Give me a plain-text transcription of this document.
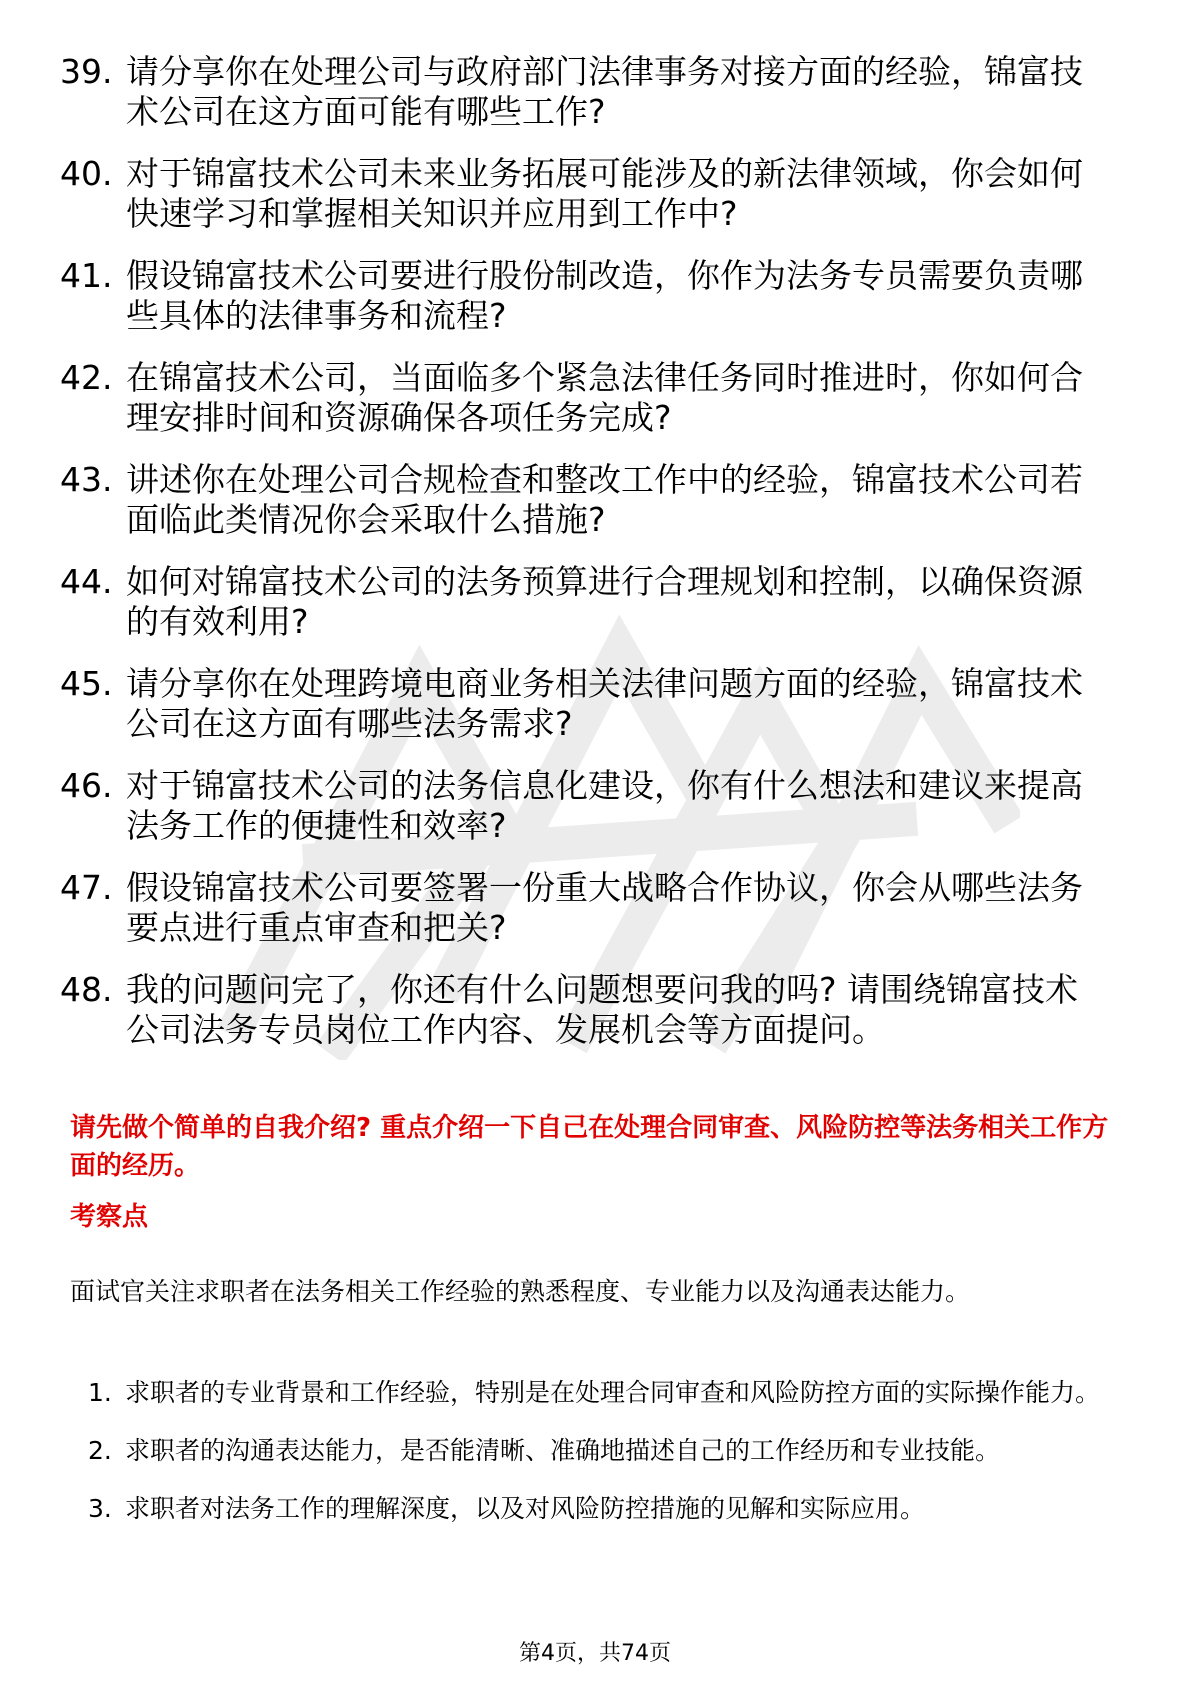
39. 请分享你在处理公司与政府部门法律事务对接方面的经验，锦富技术公司在这方面可能有哪些工作?
40. 对于锦富技术公司未来业务拓展可能涉及的新法律领域，你会如何快速学习和掌握相关知识并应用到工作中?
41. 假设锦富技术公司要进行股份制改造，你作为法务专员需要负责哪些具体的法律事务和流程?
42. 在锦富技术公司，当面临多个紧急法律任务同时推进时，你如何合理安排时间和资源确保各项任务完成?
43. 讲述你在处理公司合规检查和整改工作中的经验，锦富技术公司若面临此类情况你会采取什么措施?
44. 如何对锦富技术公司的法务预算进行合理规划和控制，以确保资源的有效利用?
45. 请分享你在处理跨境电商业务相关法律问题方面的经验，锦富技术公司在这方面有哪些法务需求?
46. 对于锦富技术公司的法务信息化建设，你有什么想法和建议来提高法务工作的便捷性和效率?
47. 假设锦富技术公司要签署一份重大战略合作协议，你会从哪些法务要点进行重点审查和把关?
48. 我的问题问完了，你还有什么问题想要问我的吗? 请围绕锦富技术公司法务专员岗位工作内容、发展机会等方面提问。
请先做个简单的自我介绍? 重点介绍一下自己在处理合同审查、风险防控等法务相关工作方面的经历。
考察点
面试官关注求职者在法务相关工作经验的熟悉程度、专业能力以及沟通表达能力。
1. 求职者的专业背景和工作经验，特别是在处理合同审查和风险防控方面的实际操作能力。
2. 求职者的沟通表达能力，是否能清晰、准确地描述自己的工作经历和专业技能。
3. 求职者对法务工作的理解深度，以及对风险防控措施的见解和实际应用。
第4页，共74页
